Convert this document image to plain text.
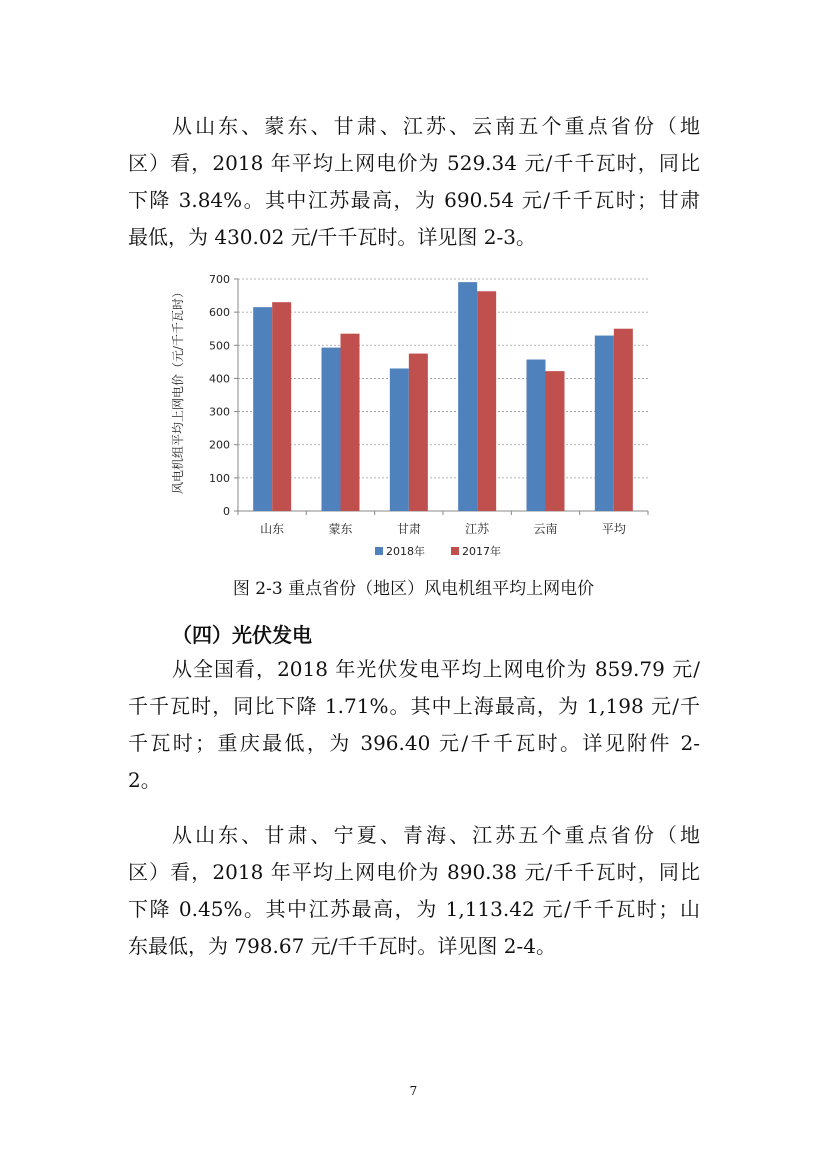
从山东、蒙东、甘肃、江苏、云南五个重点省份（地
区）看，2018 年平均上网电价为 529.34 元/千千瓦时，同比
下降 3.84%。其中江苏最高，为 690.54 元/千千瓦时；甘肃
最低，为 430.02 元/千千瓦时。详见图 2-3。

风电机组平均上网电价（元/千千瓦时）
0
100
200
300
400
500
600
700
山东	蒙东	甘肃	江苏	云南	平均
2018年	2017年
图 2-3 重点省份（地区）风电机组平均上网电价
（四）光伏发电

从全国看，2018 年光伏发电平均上网电价为 859.79 元/
千千瓦时，同比下降 1.71%。其中上海最高，为 1,198 元/千
千瓦时；重庆最低，为 396.40 元/千千瓦时。详见附件 2-
2。

从山东、甘肃、宁夏、青海、江苏五个重点省份（地
区）看，2018 年平均上网电价为 890.38 元/千千瓦时，同比
下降 0.45%。其中江苏最高，为 1,113.42 元/千千瓦时；山
东最低，为 798.67 元/千千瓦时。详见图 2-4。

7
